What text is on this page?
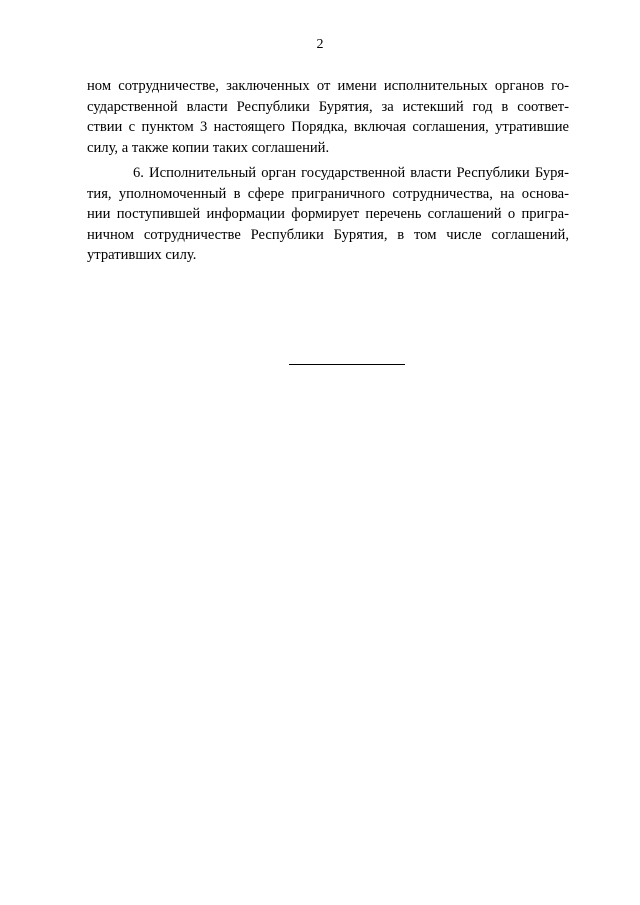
2

ном сотрудничестве, заключенных от имени исполнительных органов го-
сударственной власти Республики Бурятия, за истекший год в соответ-
ствии с пунктом 3 настоящего Порядка, включая соглашения, утратившие
силу, а также копии таких соглашений.

6. Исполнительный орган государственной власти Республики Буря-
тия, уполномоченный в сфере приграничного сотрудничества, на основа-
нии поступившей информации формирует перечень соглашений о пригра-
ничном сотрудничестве Республики Бурятия, в том числе соглашений,
утративших силу.
